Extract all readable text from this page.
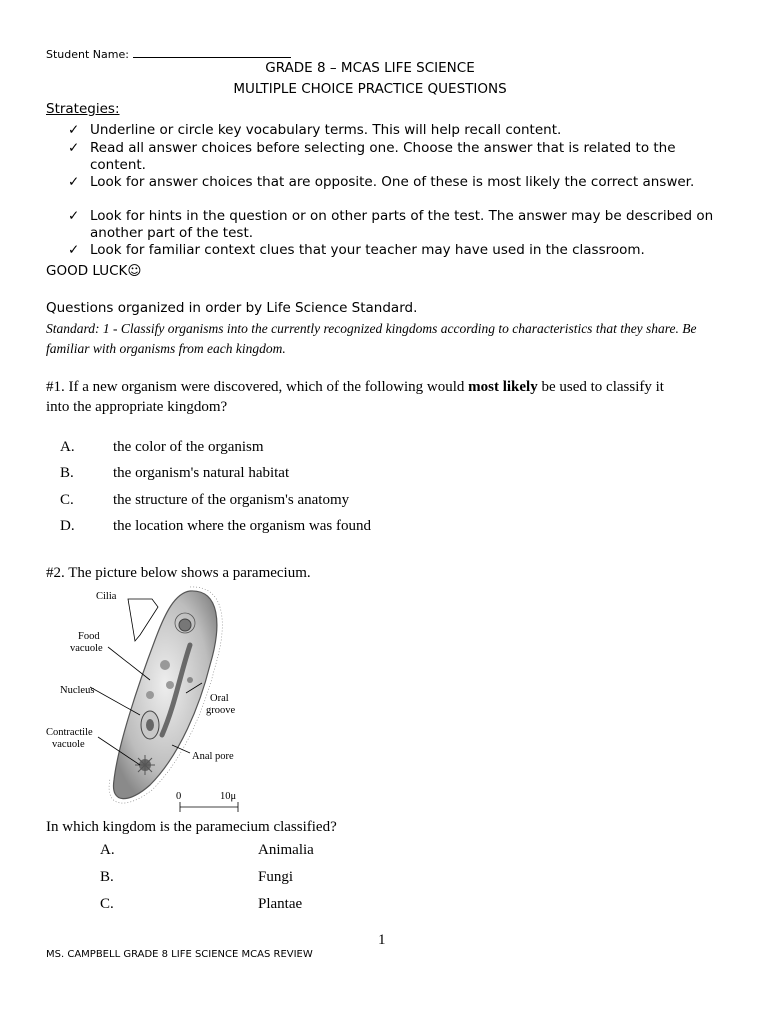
Student Name:
GRADE 8 – MCAS LIFE SCIENCE
MULTIPLE CHOICE PRACTICE QUESTIONS
Strategies:
✓ Underline or circle key vocabulary terms. This will help recall content.
✓ Read all answer choices before selecting one. Choose the answer that is related to the content.
✓ Look for answer choices that are opposite. One of these is most likely the correct answer.
✓ Look for hints in the question or on other parts of the test. The answer may be described on another part of the test.
✓ Look for familiar context clues that your teacher may have used in the classroom.
GOOD LUCK☺
Questions organized in order by Life Science Standard.
Standard: 1 - Classify organisms into the currently recognized kingdoms according to characteristics that they share. Be familiar with organisms from each kingdom.
#1. If a new organism were discovered, which of the following would most likely be used to classify it into the appropriate kingdom?
A.	the color of the organism
B.	the organism's natural habitat
C.	the structure of the organism's anatomy
D.	the location where the organism was found
#2. The picture below shows a paramecium.
Cilia
Food
vacuole
Nucleus
Contractile
vacuole
Oral
groove
Anal pore
0	10μ
In which kingdom is the paramecium classified?
A.	Animalia
B.	Fungi
C.	Plantae
1
MS. CAMPBELL GRADE 8 LIFE SCIENCE MCAS REVIEW
